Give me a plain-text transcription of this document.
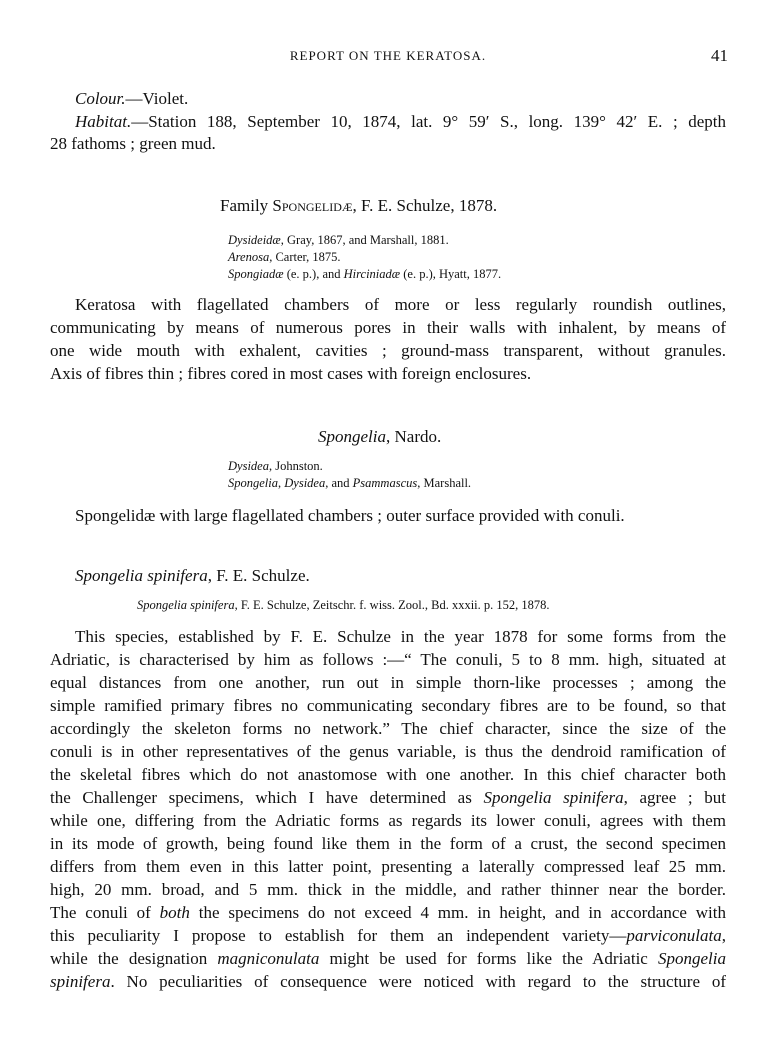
REPORT ON THE KERATOSA.	41
Colour.—Violet.
Habitat.—Station 188, September 10, 1874, lat. 9° 59′ S., long. 139° 42′ E. ; depth
28 fathoms ; green mud.
Family Spongelidæ, F. E. Schulze, 1878.
Dysideidæ, Gray, 1867, and Marshall, 1881.
Arenosa, Carter, 1875.
Spongiadæ (e. p.), and Hirciniadæ (e. p.), Hyatt, 1877.
Keratosa with flagellated chambers of more or less regularly roundish outlines,
communicating by means of numerous pores in their walls with inhalent, by means of
one wide mouth with exhalent, cavities ; ground-mass transparent, without granules.
Axis of fibres thin ; fibres cored in most cases with foreign enclosures.
Spongelia, Nardo.
Dysidea, Johnston.
Spongelia, Dysidea, and Psammascus, Marshall.
Spongelidæ with large flagellated chambers ; outer surface provided with conuli.
Spongelia spinifera, F. E. Schulze.
Spongelia spinifera, F. E. Schulze, Zeitschr. f. wiss. Zool., Bd. xxxii. p. 152, 1878.
This species, established by F. E. Schulze in the year 1878 for some forms from the
Adriatic, is characterised by him as follows :—“ The conuli, 5 to 8 mm. high, situated at
equal distances from one another, run out in simple thorn-like processes ; among the
simple ramified primary fibres no communicating secondary fibres are to be found, so that
accordingly the skeleton forms no network.” The chief character, since the size of the
conuli is in other representatives of the genus variable, is thus the dendroid ramification of
the skeletal fibres which do not anastomose with one another. In this chief character both
the Challenger specimens, which I have determined as Spongelia spinifera, agree ; but
while one, differing from the Adriatic forms as regards its lower conuli, agrees with them
in its mode of growth, being found like them in the form of a crust, the second specimen
differs from them even in this latter point, presenting a laterally compressed leaf 25 mm.
high, 20 mm. broad, and 5 mm. thick in the middle, and rather thinner near the border.
The conuli of both the specimens do not exceed 4 mm. in height, and in accordance with
this peculiarity I propose to establish for them an independent variety—parviconulata,
while the designation magniconulata might be used for forms like the Adriatic Spongelia
spinifera. No peculiarities of consequence were noticed with regard to the structure of
